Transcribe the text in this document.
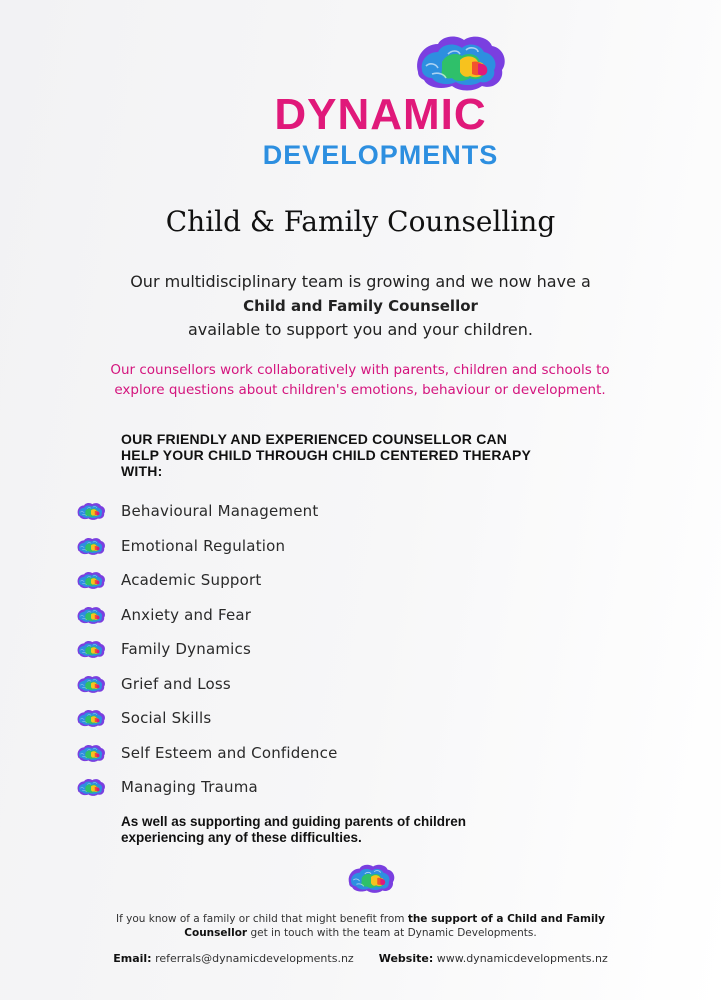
DYNAMIC
DEVELOPMENTS
Child & Family Counselling
Our multidisciplinary team is growing and we now have a
Child and Family Counsellor
available to support you and your children.
Our counsellors work collaboratively with parents, children and schools to
explore questions about children's emotions, behaviour or development.
OUR FRIENDLY AND EXPERIENCED COUNSELLOR CAN
HELP YOUR CHILD THROUGH CHILD CENTERED THERAPY
WITH:
Behavioural Management
Emotional Regulation
Academic Support
Anxiety and Fear
Family Dynamics
Grief and Loss
Social Skills
Self Esteem and Confidence
Managing Trauma
As well as supporting and guiding parents of children
experiencing any of these difficulties.
If you know of a family or child that might benefit from the support of a Child and Family
Counsellor get in touch with the team at Dynamic Developments.
Email: referrals@dynamicdevelopments.nz Website: www.dynamicdevelopments.nz
